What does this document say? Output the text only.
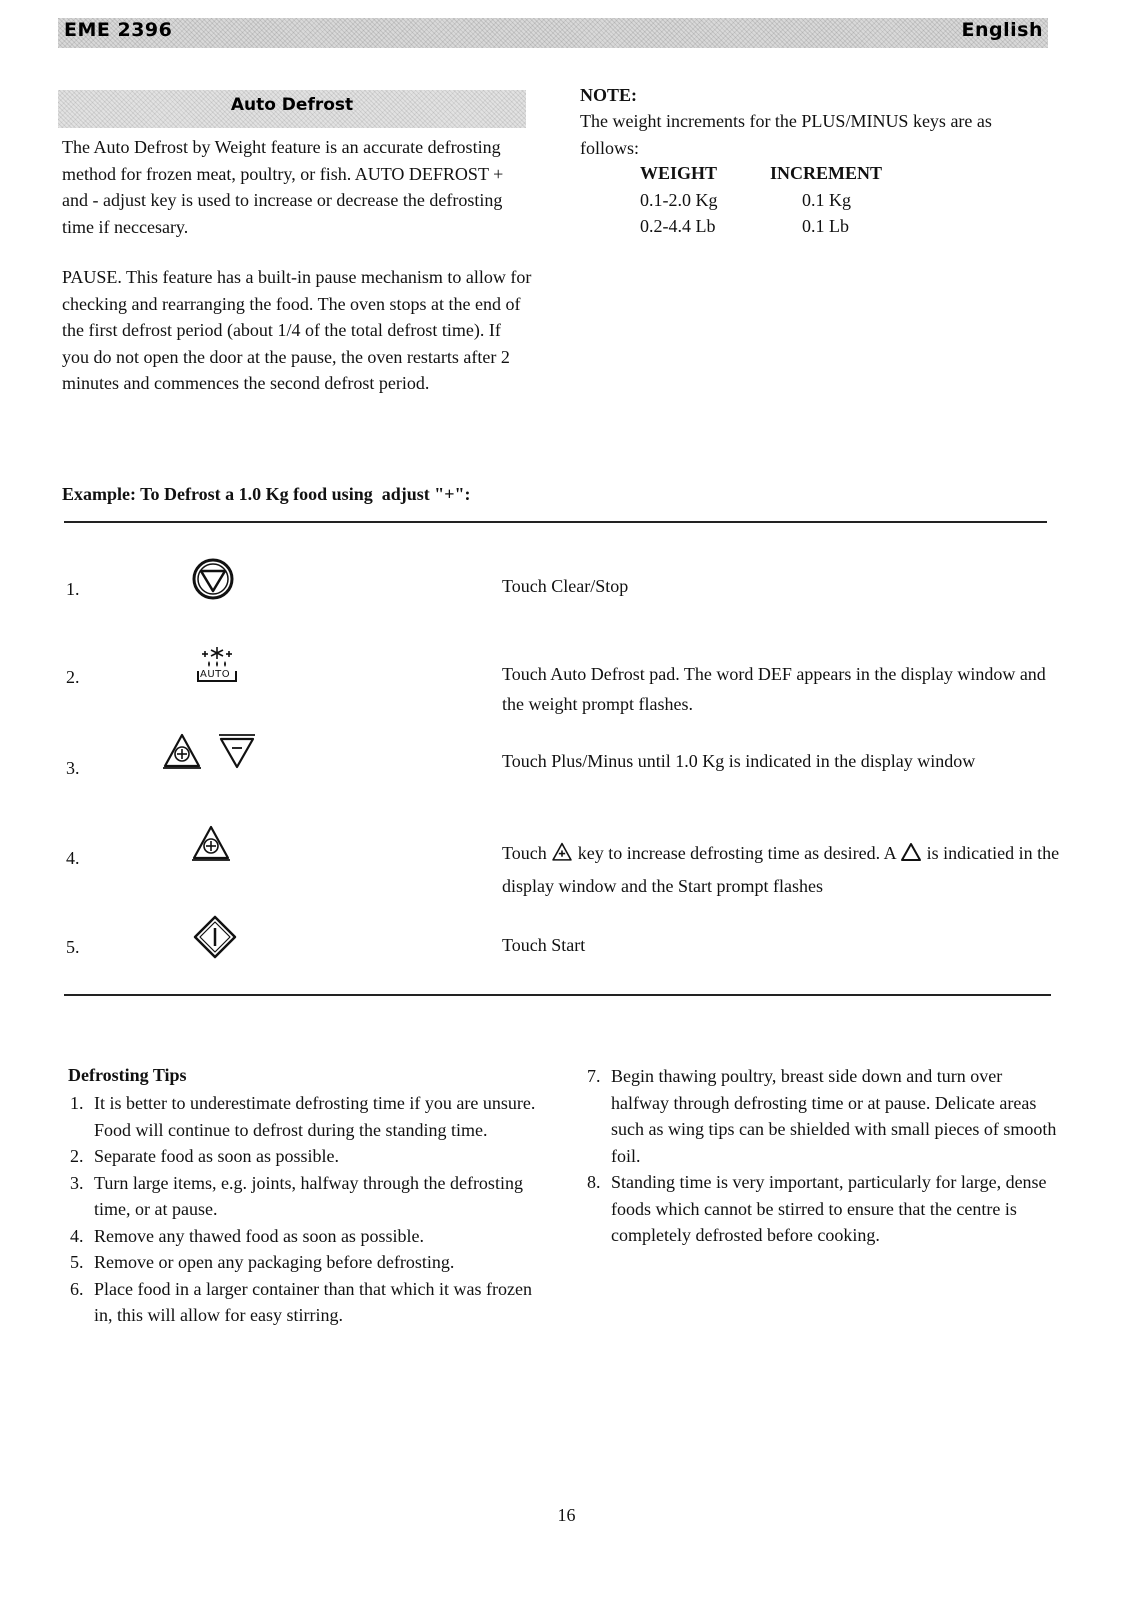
EME 2396	English
Auto Defrost

The Auto Defrost by Weight feature is an accurate defrosting method for frozen meat, poultry, or fish. AUTO DEFROST + and - adjust key is used to increase or decrease the defrosting time if neccesary.

PAUSE. This feature has a built-in pause mechanism to allow for checking and rearranging the food. The oven stops at the end of the first defrost period (about 1/4 of the total defrost time). If you do not open the door at the pause, the oven restarts after 2 minutes and commences the second defrost period.

NOTE:

The weight increments for the PLUS/MINUS keys are as follows:

WEIGHT	INCREMENT
0.1-2.0 Kg	0.1 Kg
0.2-4.4 Lb	0.1 Lb
Example: To Defrost a 1.0 Kg food using  adjust "+":
1.	Touch Clear/Stop

2.	AUTO	Touch Auto Defrost pad. The word DEF appears in the display window and the weight prompt flashes.

3.	Touch Plus/Minus until 1.0 Kg is indicated in the display window

4.	Touch key to increase defrosting time as desired. A is indicatied in the display window and the Start prompt flashes

5.	Touch Start

Defrosting Tips
1. It is better to underestimate defrosting time if you are unsure. Food will continue to defrost during the standing time.
2. Separate food as soon as possible.
3. Turn large items, e.g. joints, halfway through the defrosting time, or at pause.
4. Remove any thawed food as soon as possible.
5. Remove or open any packaging before defrosting.
6. Place food in a larger container than that which it was frozen in, this will allow for easy stirring.
7. Begin thawing poultry, breast side down and turn over halfway through defrosting time or at pause. Delicate areas such as wing tips can be shielded with small pieces of smooth foil.
8. Standing time is very important, particularly for large, dense foods which cannot be stirred to ensure that the centre is completely defrosted before cooking.
16
